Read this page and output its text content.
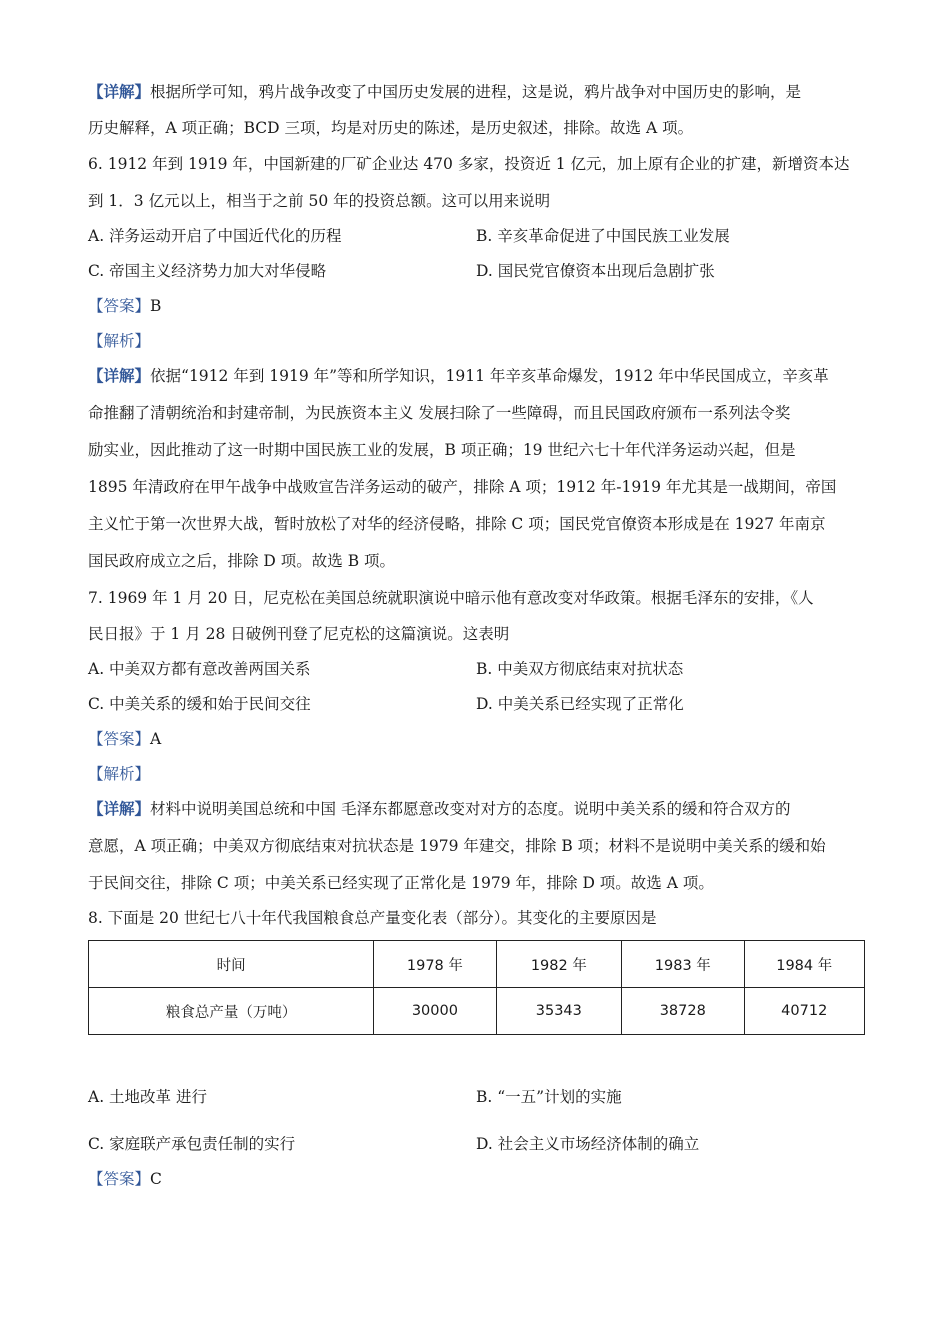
【详解】根据所学可知，鸦片战争改变了中国历史发展的进程，这是说，鸦片战争对中国历史的影响，是
历史解释，A 项正确；BCD 三项，均是对历史的陈述，是历史叙述，排除。故选 A 项。
6. 1912 年到 1919 年，中国新建的厂矿企业达 470 多家，投资近 1 亿元，加上原有企业的扩建，新增资本达
到 1．3 亿元以上，相当于之前 50 年的投资总额。这可以用来说明
A. 洋务运动开启了中国近代化的历程	B. 辛亥革命促进了中国民族工业发展
C. 帝国主义经济势力加大对华侵略	D. 国民党官僚资本出现后急剧扩张
【答案】B
【解析】
【详解】依据“1912 年到 1919 年”等和所学知识，1911 年辛亥革命爆发，1912 年中华民国成立，辛亥革
命推翻了清朝统治和封建帝制，为民族资本主义 发展扫除了一些障碍，而且民国政府颁布一系列法令奖
励实业，因此推动了这一时期中国民族工业的发展，B 项正确；19 世纪六七十年代洋务运动兴起，但是
1895 年清政府在甲午战争中战败宣告洋务运动的破产，排除 A 项；1912 年-1919 年尤其是一战期间，帝国
主义忙于第一次世界大战，暂时放松了对华的经济侵略，排除 C 项；国民党官僚资本形成是在 1927 年南京
国民政府成立之后，排除 D 项。故选 B 项。
7. 1969 年 1 月 20 日，尼克松在美国总统就职演说中暗示他有意改变对华政策。根据毛泽东的安排，《人
民日报》于 1 月 28 日破例刊登了尼克松的这篇演说。这表明
A. 中美双方都有意改善两国关系	B. 中美双方彻底结束对抗状态
C. 中美关系的缓和始于民间交往	D. 中美关系已经实现了正常化
【答案】A
【解析】
【详解】材料中说明美国总统和中国 毛泽东都愿意改变对对方的态度。说明中美关系的缓和符合双方的
意愿，A 项正确；中美双方彻底结束对抗状态是 1979 年建交，排除 B 项；材料不是说明中美关系的缓和始
于民间交往，排除 C 项；中美关系已经实现了正常化是 1979 年，排除 D 项。故选 A 项。
8. 下面是 20 世纪七八十年代我国粮食总产量变化表（部分）。其变化的主要原因是
时间	1978 年	1982 年	1983 年	1984 年
粮食总产量（万吨）	30000	35343	38728	40712
A. 土地改革 进行	B. “一五”计划的实施
C. 家庭联产承包责任制的实行	D. 社会主义市场经济体制的确立
【答案】C
